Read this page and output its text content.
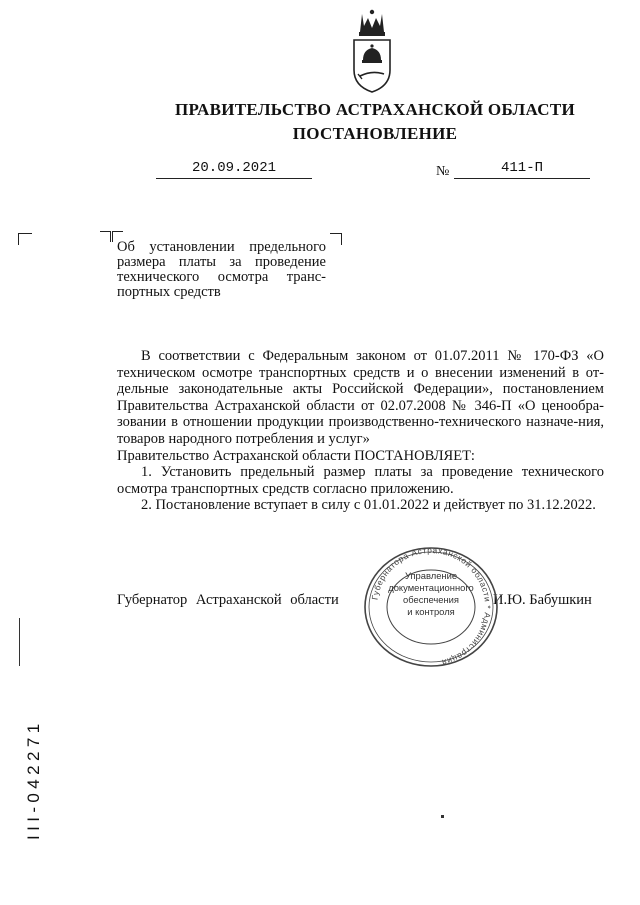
ПРАВИТЕЛЬСТВО АСТРАХАНСКОЙ ОБЛАСТИ
ПОСТАНОВЛЕНИЕ
20.09.2021	№	411-П
Об установлении предельного размера платы за проведение технического осмотра транс-портных средств

В соответствии с Федеральным законом от 01.07.2011 № 170-ФЗ «О техническом осмотре транспортных средств и о внесении изменений в от-дельные законодательные акты Российской Федерации», постановлением Правительства Астраханской области от 02.07.2008 № 346-П «О ценообра-зовании в отношении продукции производственно-технического назначе-ния, товаров народного потребления и услуг»

Правительство Астраханской области ПОСТАНОВЛЯЕТ:

1. Установить предельный размер платы за проведение технического осмотра транспортных средств согласно приложению.

2. Постановление вступает в силу с 01.01.2022 и действует по 31.12.2022.

Губернатор Астраханской области	И.Ю. Бабушкин
Губернатора Астраханской области * Администрация
Управление
документационного
обеспечения
и контроля
III-042271
